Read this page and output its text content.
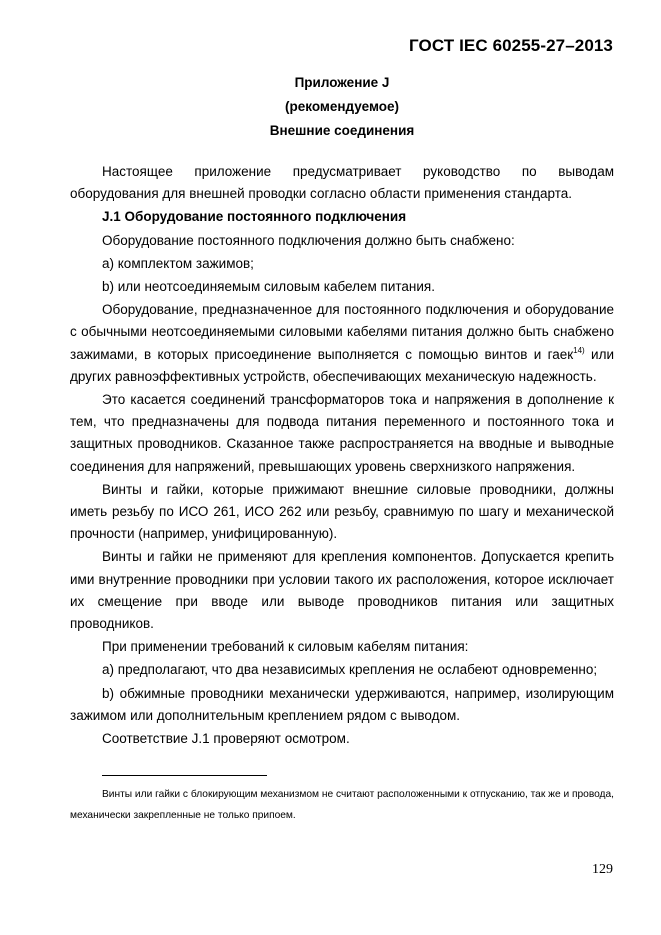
ГОСТ IEC 60255-27–2013
Приложение J
(рекомендуемое)
Внешние соединения

Настоящее приложение предусматривает руководство по выводам оборудования для внешней проводки согласно области применения стандарта.

J.1 Оборудование постоянного подключения

Оборудование постоянного подключения должно быть снабжено:

a) комплектом зажимов;

b) или неотсоединяемым силовым кабелем питания.

Оборудование, предназначенное для постоянного подключения и оборудование с обычными неотсоединяемыми силовыми кабелями питания должно быть снабжено зажимами, в которых присоединение выполняется с помощью винтов и гаек$^{14)}$ или других равноэффективных устройств, обеспечивающих механическую надежность.

Это касается соединений трансформаторов тока и напряжения в дополнение к тем, что предназначены для подвода питания переменного и постоянного тока и защитных проводников. Сказанное также распространяется на вводные и выводные соединения для напряжений, превышающих уровень сверхнизкого напряжения.

Винты и гайки, которые прижимают внешние силовые проводники, должны иметь резьбу по ИСО 261, ИСО 262 или резьбу, сравнимую по шагу и механической прочности (например, унифицированную).

Винты и гайки не применяют для крепления компонентов. Допускается крепить ими внутренние проводники при условии такого их расположения, которое исключает их смещение при вводе или выводе проводников питания или защитных проводников.

При применении требований к силовым кабелям питания:

a) предполагают, что два независимых крепления не ослабеют одновременно;

b) обжимные проводники механически удерживаются, например, изолирующим зажимом или дополнительным креплением рядом с выводом.

Соответствие J.1 проверяют осмотром.

Винты или гайки с блокирующим механизмом не считают расположенными к отпусканию, так же и провода, механически закрепленные не только припоем.
129
